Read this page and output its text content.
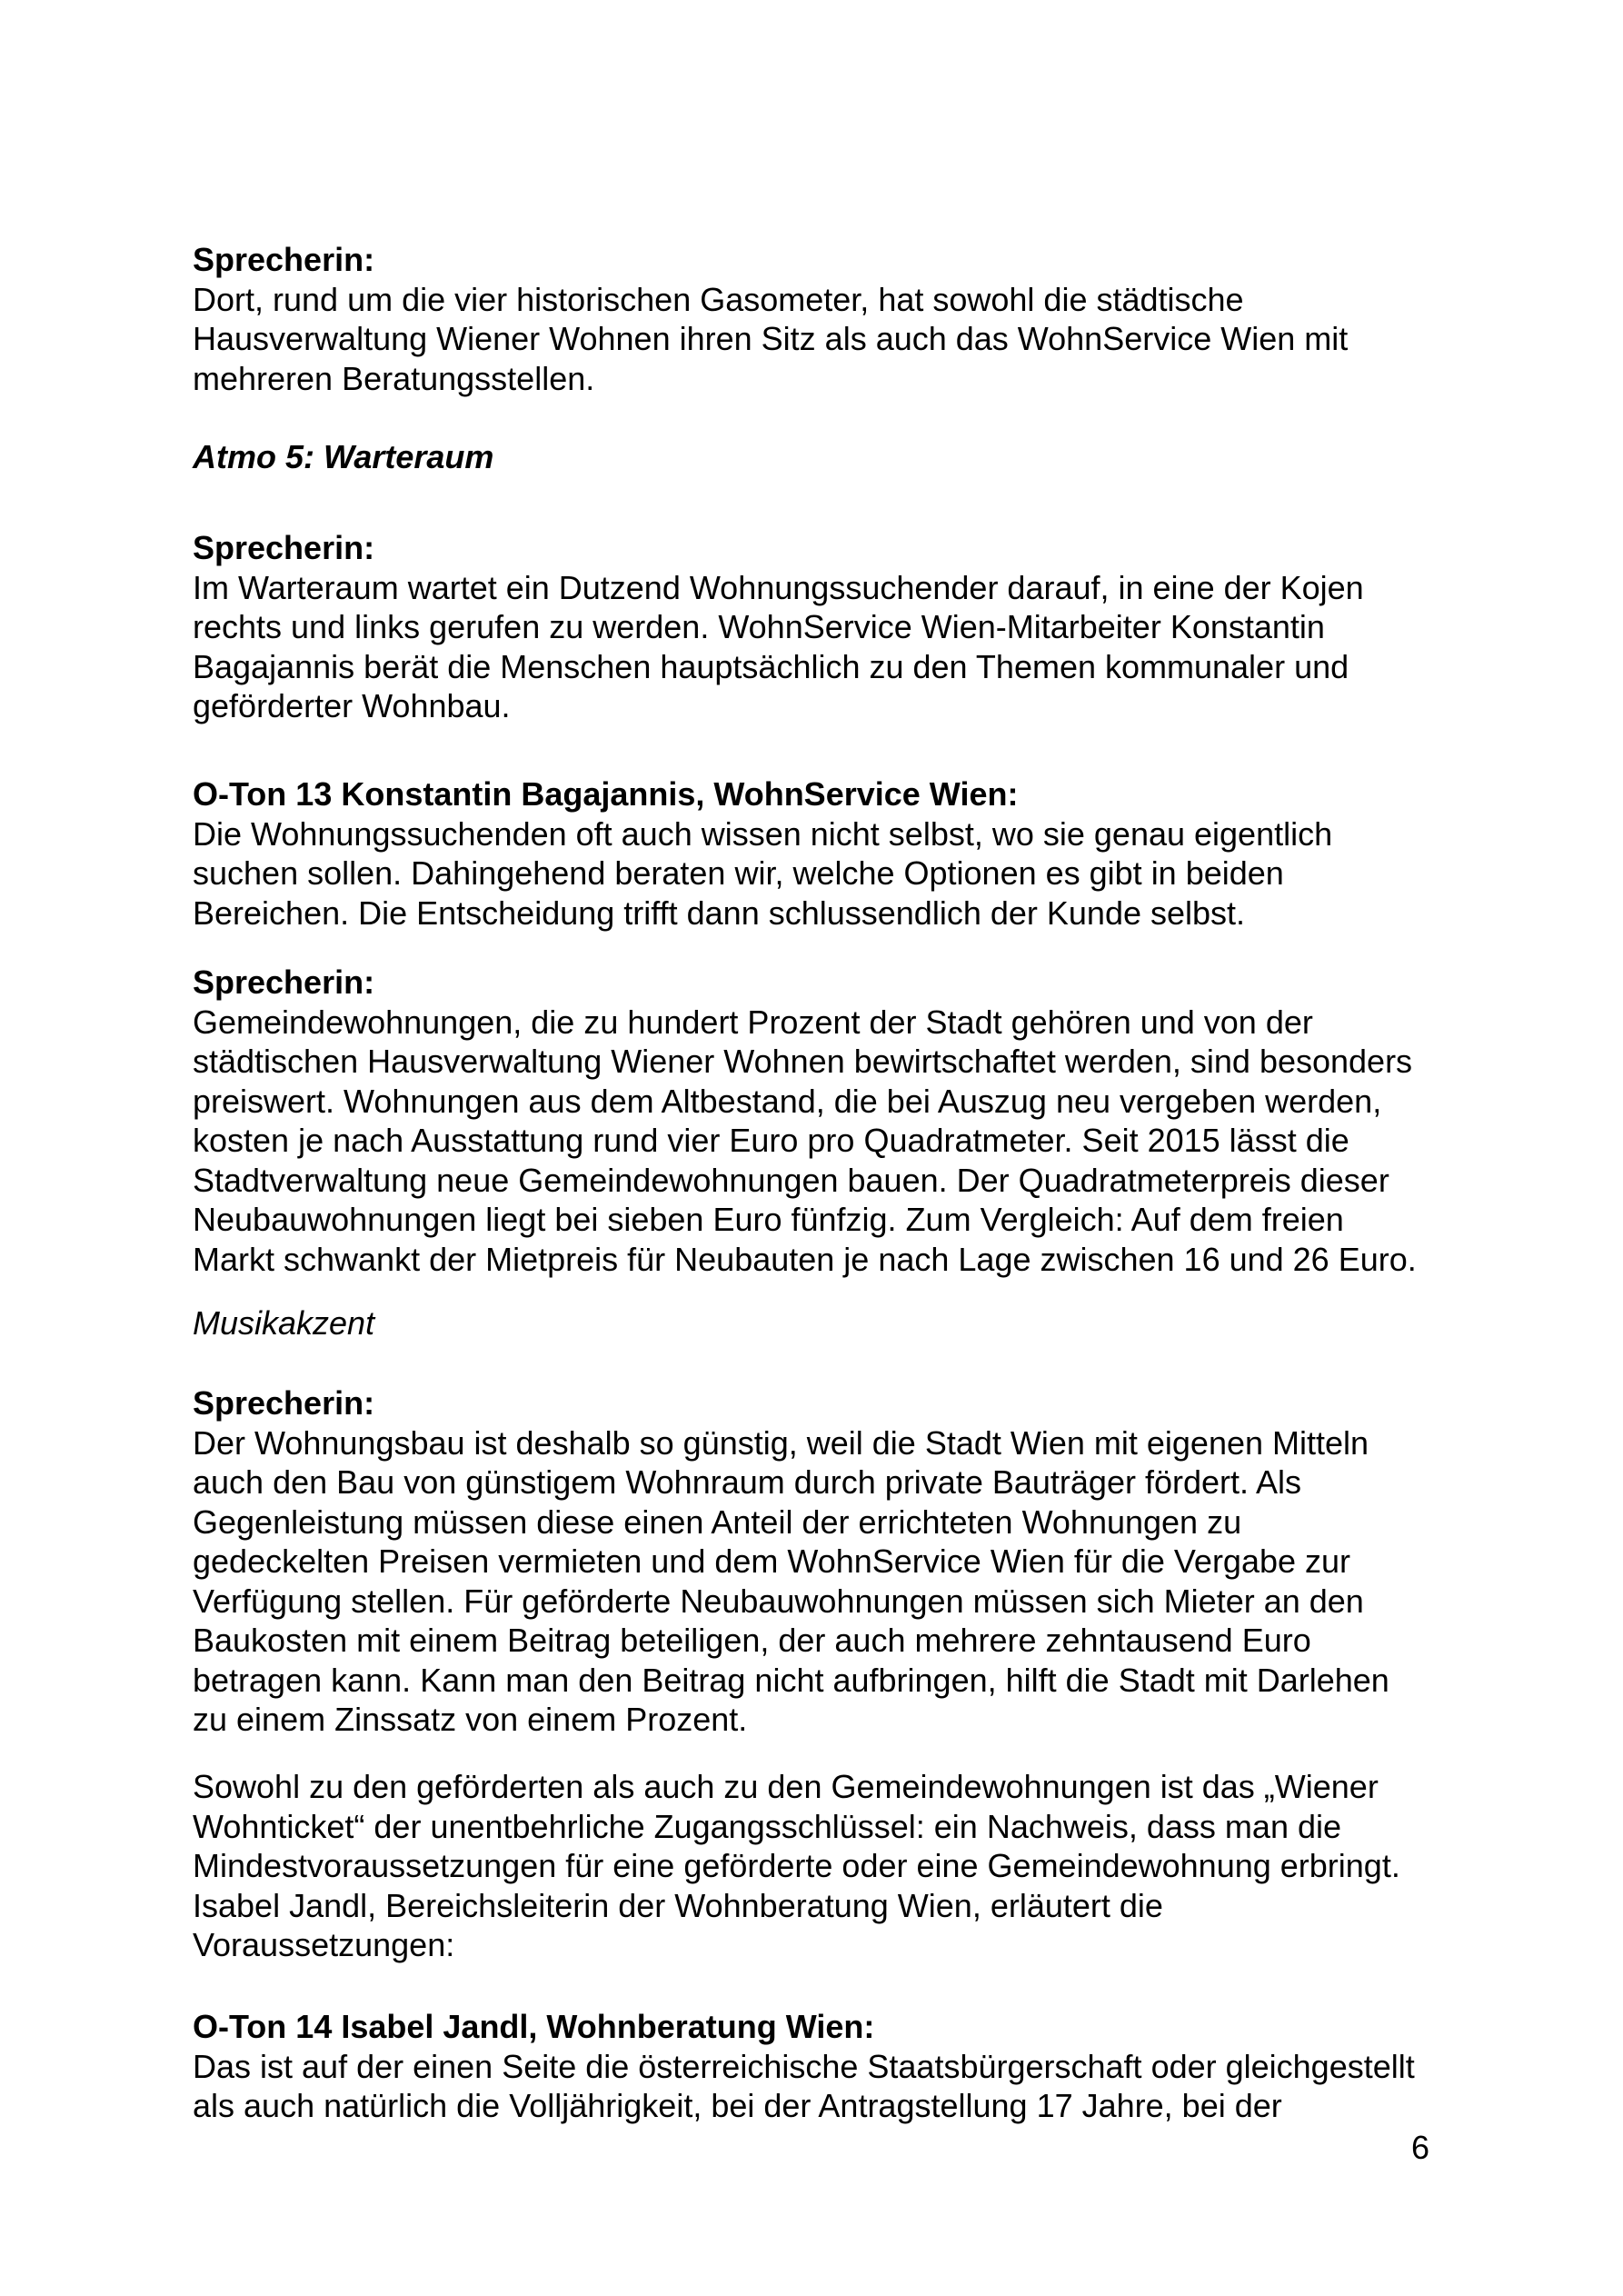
Sprecherin:
Dort, rund um die vier historischen Gasometer, hat sowohl die städtische
Hausverwaltung Wiener Wohnen ihren Sitz als auch das WohnService Wien mit
mehreren Beratungsstellen.
Atmo 5: Warteraum
Sprecherin:
Im Warteraum wartet ein Dutzend Wohnungssuchender darauf, in eine der Kojen
rechts und links gerufen zu werden. WohnService Wien-Mitarbeiter Konstantin
Bagajannis berät die Menschen hauptsächlich zu den Themen kommunaler und
geförderter Wohnbau.
O-Ton 13 Konstantin Bagajannis, WohnService Wien:
Die Wohnungssuchenden oft auch wissen nicht selbst, wo sie genau eigentlich
suchen sollen. Dahingehend beraten wir, welche Optionen es gibt in beiden
Bereichen. Die Entscheidung trifft dann schlussendlich der Kunde selbst.
Sprecherin:
Gemeindewohnungen, die zu hundert Prozent der Stadt gehören und von der
städtischen Hausverwaltung Wiener Wohnen bewirtschaftet werden, sind besonders
preiswert. Wohnungen aus dem Altbestand, die bei Auszug neu vergeben werden,
kosten je nach Ausstattung rund vier Euro pro Quadratmeter. Seit 2015 lässt die
Stadtverwaltung neue Gemeindewohnungen bauen. Der Quadratmeterpreis dieser
Neubauwohnungen liegt bei sieben Euro fünfzig. Zum Vergleich: Auf dem freien
Markt schwankt der Mietpreis für Neubauten je nach Lage zwischen 16 und 26 Euro.
Musikakzent
Sprecherin:
Der Wohnungsbau ist deshalb so günstig, weil die Stadt Wien mit eigenen Mitteln
auch den Bau von günstigem Wohnraum durch private Bauträger fördert. Als
Gegenleistung müssen diese einen Anteil der errichteten Wohnungen zu
gedeckelten Preisen vermieten und dem WohnService Wien für die Vergabe zur
Verfügung stellen. Für geförderte Neubauwohnungen müssen sich Mieter an den
Baukosten mit einem Beitrag beteiligen, der auch mehrere zehntausend Euro
betragen kann. Kann man den Beitrag nicht aufbringen, hilft die Stadt mit Darlehen
zu einem Zinssatz von einem Prozent.
Sowohl zu den geförderten als auch zu den Gemeindewohnungen ist das „Wiener
Wohnticket“ der unentbehrliche Zugangsschlüssel: ein Nachweis, dass man die
Mindestvoraussetzungen für eine geförderte oder eine Gemeindewohnung erbringt.
Isabel Jandl, Bereichsleiterin der Wohnberatung Wien, erläutert die
Voraussetzungen:
O-Ton 14 Isabel Jandl, Wohnberatung Wien:
Das ist auf der einen Seite die österreichische Staatsbürgerschaft oder gleichgestellt
als auch natürlich die Volljährigkeit, bei der Antragstellung 17 Jahre, bei der
6
